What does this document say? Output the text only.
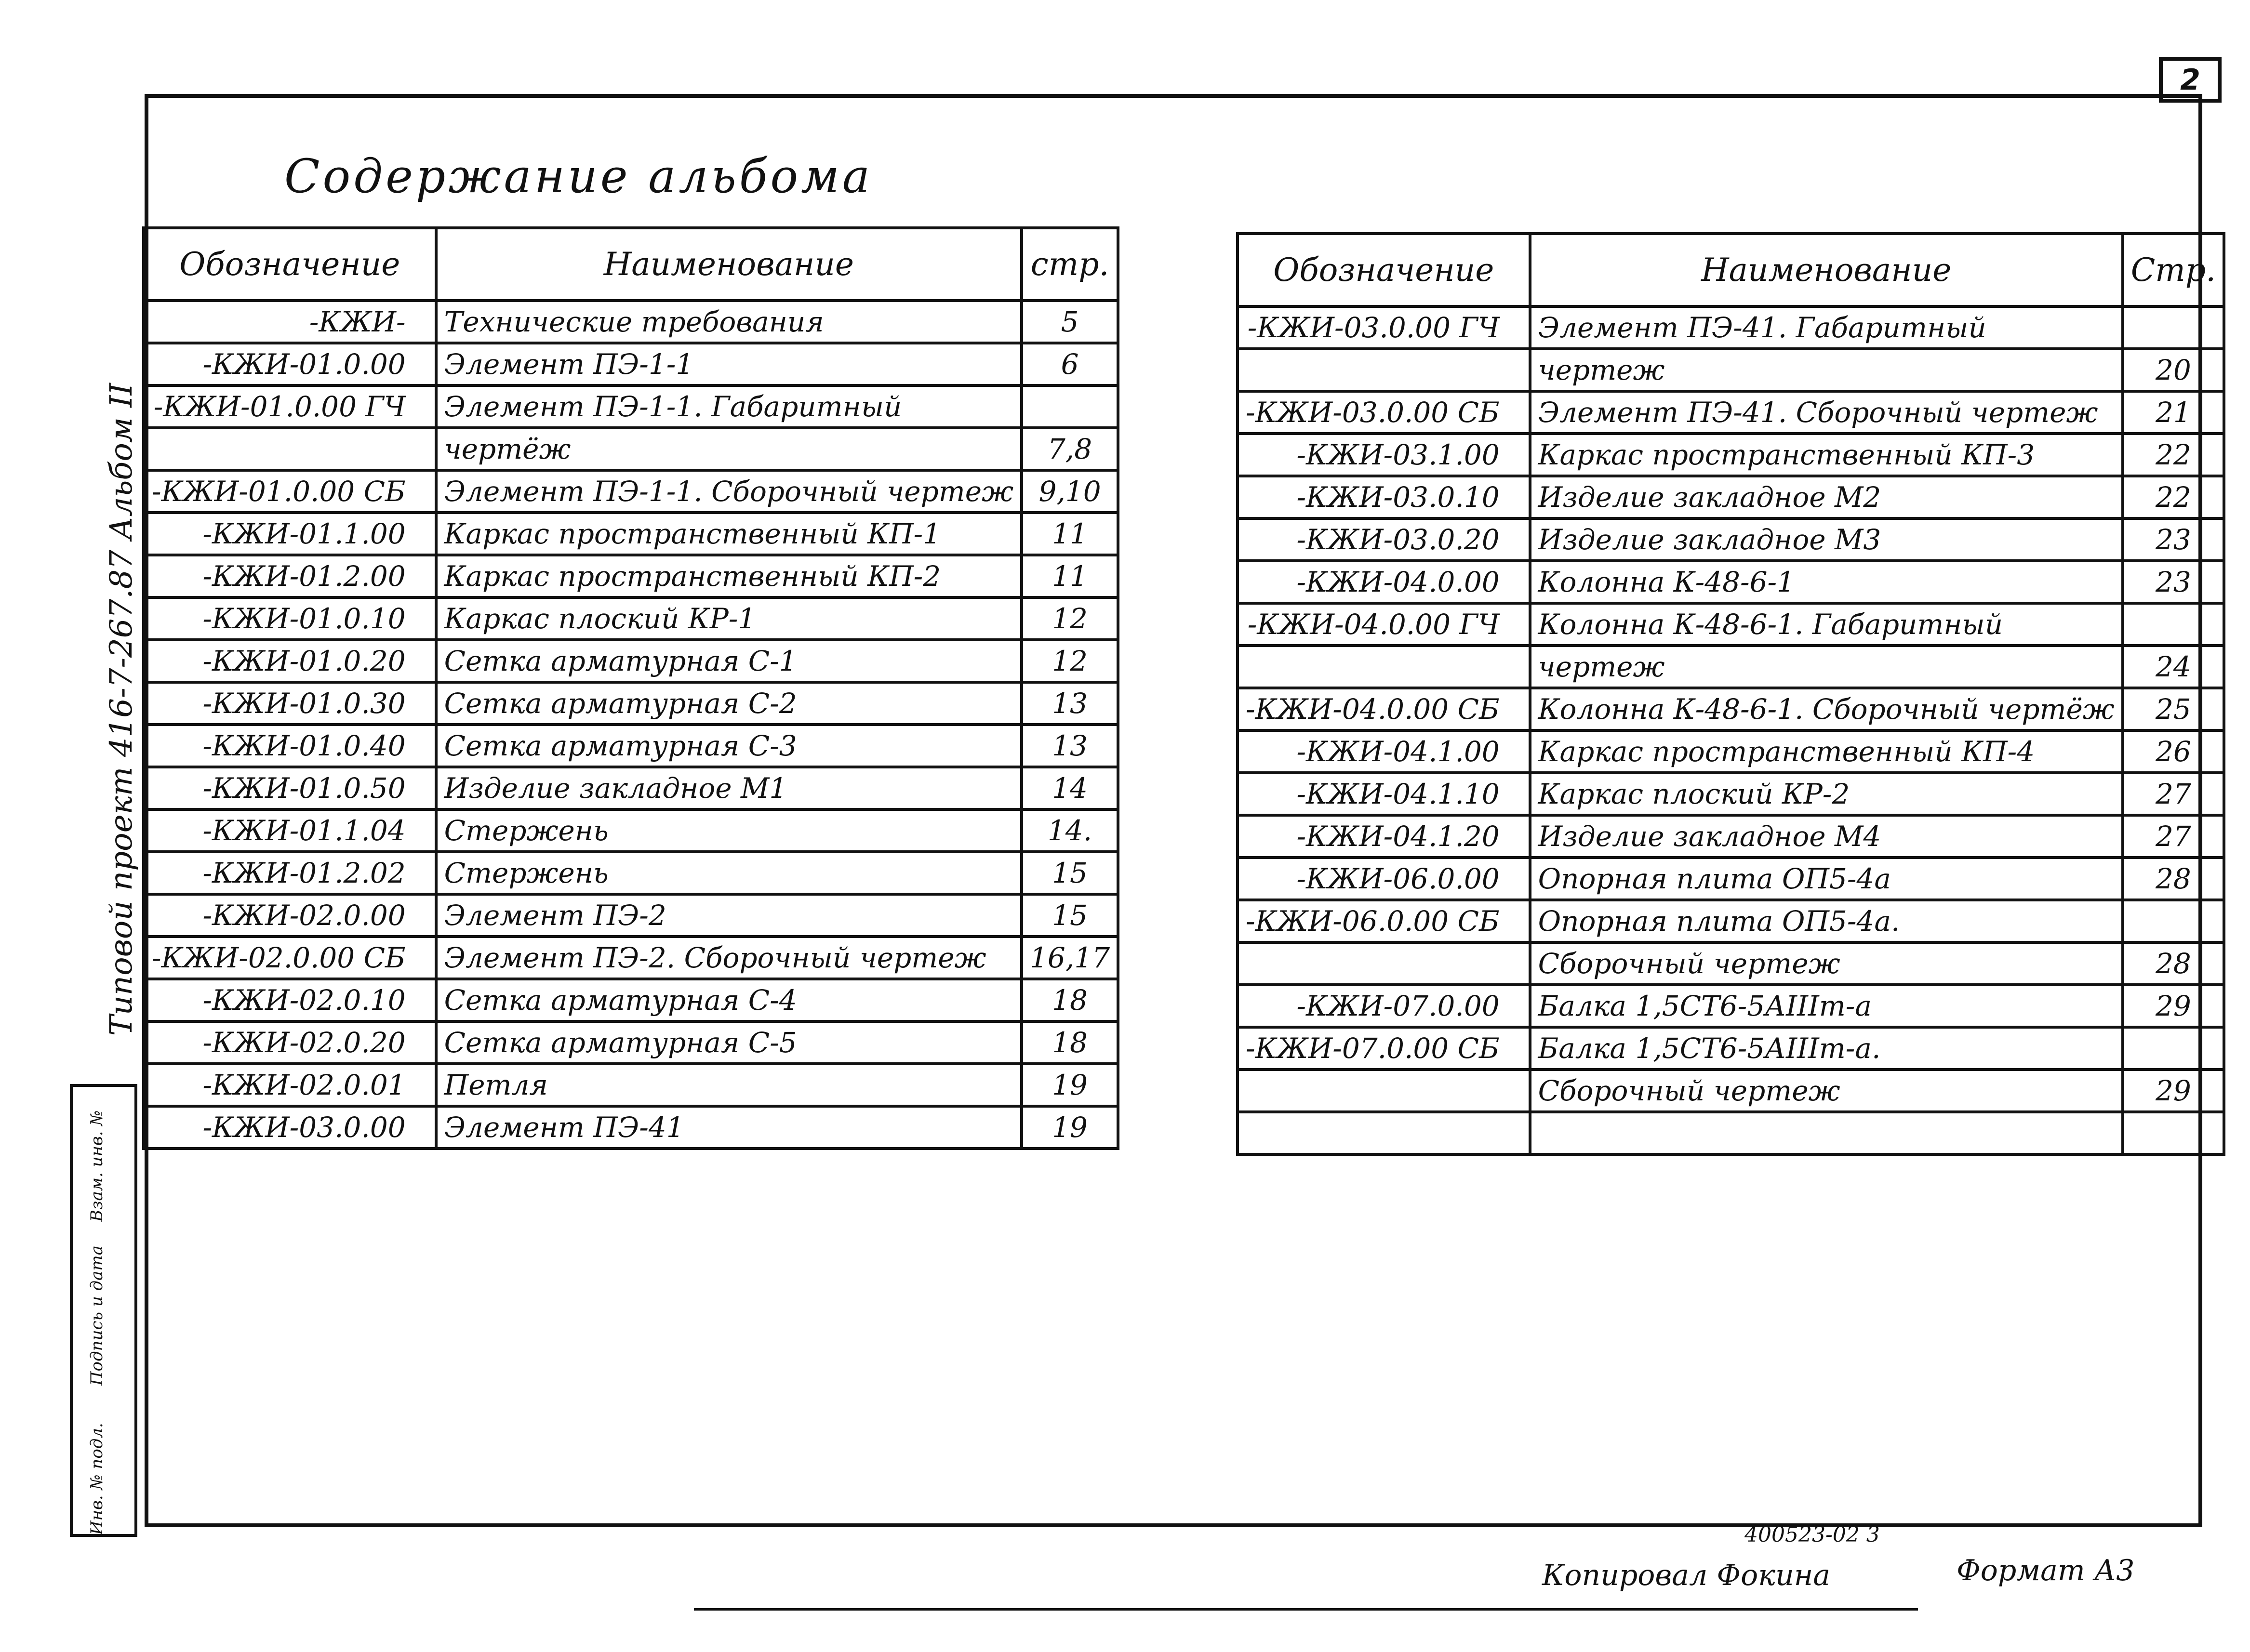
2
Содержание альбома
Типовой проект 416-7-267.87 Альбом II
Инв. № подл.
Подпись и дата
Взам. инв. №
Обозначение	Наименование	стр.
-КЖИ-	Технические требования	5
-КЖИ-01.0.00	Элемент ПЭ-1-1	6
-КЖИ-01.0.00 ГЧ	Элемент ПЭ-1-1. Габаритный	
	чертёж	7,8
-КЖИ-01.0.00 СБ	Элемент ПЭ-1-1. Сборочный чертеж	9,10
-КЖИ-01.1.00	Каркас пространственный КП-1	11
-КЖИ-01.2.00	Каркас пространственный КП-2	11
-КЖИ-01.0.10	Каркас плоский КР-1	12
-КЖИ-01.0.20	Сетка арматурная С-1	12
-КЖИ-01.0.30	Сетка арматурная С-2	13
-КЖИ-01.0.40	Сетка арматурная С-3	13
-КЖИ-01.0.50	Изделие закладное М1	14
-КЖИ-01.1.04	Стержень	14.
-КЖИ-01.2.02	Стержень	15
-КЖИ-02.0.00	Элемент ПЭ-2	15
-КЖИ-02.0.00 СБ	Элемент ПЭ-2. Сборочный чертеж	16,17
-КЖИ-02.0.10	Сетка арматурная С-4	18
-КЖИ-02.0.20	Сетка арматурная С-5	18
-КЖИ-02.0.01	Петля	19
-КЖИ-03.0.00	Элемент ПЭ-41	19
Обозначение	Наименование	Стр.
-КЖИ-03.0.00 ГЧ	Элемент ПЭ-41. Габаритный	
	чертеж	20
-КЖИ-03.0.00 СБ	Элемент ПЭ-41. Сборочный чертеж	21
-КЖИ-03.1.00	Каркас пространственный КП-3	22
-КЖИ-03.0.10	Изделие закладное М2	22
-КЖИ-03.0.20	Изделие закладное М3	23
-КЖИ-04.0.00	Колонна К-48-6-1	23
-КЖИ-04.0.00 ГЧ	Колонна К-48-6-1. Габаритный	
	чертеж	24
-КЖИ-04.0.00 СБ	Колонна К-48-6-1. Сборочный чертёж	25
-КЖИ-04.1.00	Каркас пространственный КП-4	26
-КЖИ-04.1.10	Каркас плоский КР-2	27
-КЖИ-04.1.20	Изделие закладное М4	27
-КЖИ-06.0.00	Опорная плита ОП5-4а	28
-КЖИ-06.0.00 СБ	Опорная плита ОП5-4а.	
	Сборочный чертеж	28
-КЖИ-07.0.00	Балка 1,5СТ6-5АIIIт-а	29
-КЖИ-07.0.00 СБ	Балка 1,5СТ6-5АIIIт-а.	
	Сборочный чертеж	29

400523-02 3
Копировал Фокина	Формат А3
